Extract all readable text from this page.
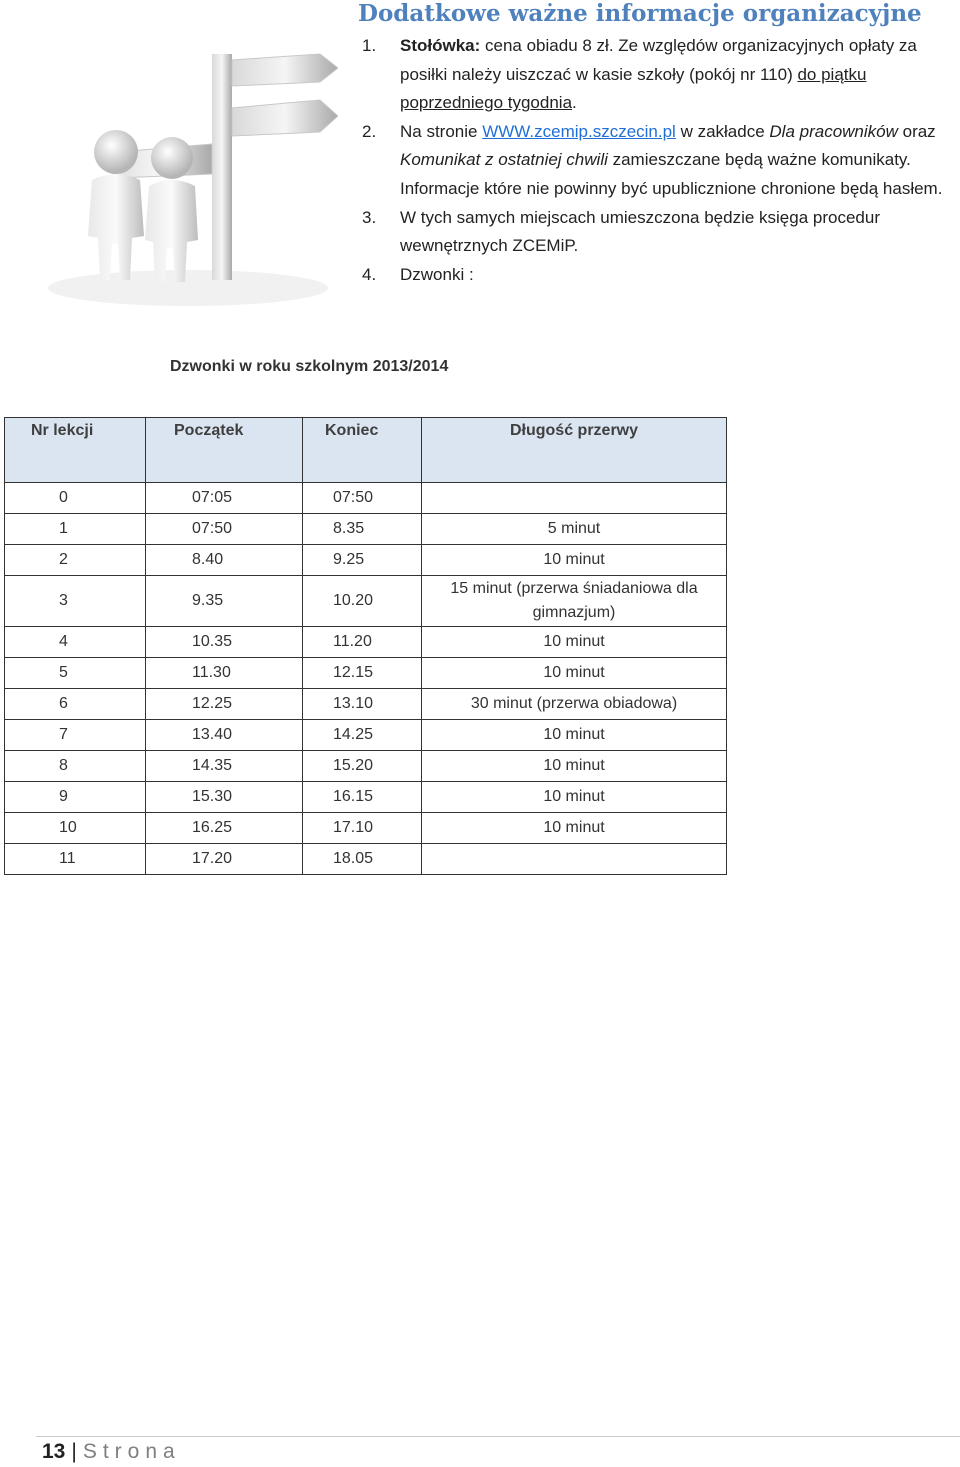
Dodatkowe ważne informacje organizacyjne
1. Stołówka: cena obiadu 8 zł. Ze względów organizacyjnych opłaty za posiłki należy uiszczać w kasie szkoły (pokój nr 110) do piątku poprzedniego tygodnia.
2. Na stronie WWW.zcemip.szczecin.pl w zakładce Dla pracowników oraz Komunikat z ostatniej chwili zamieszczane będą ważne komunikaty. Informacje które nie powinny być upublicznione chronione będą hasłem.
3. W tych samych miejscach umieszczona będzie księga procedur wewnętrznych ZCEMiP.
4. Dzwonki :
Dzwonki w roku szkolnym 2013/2014
Nr lekcji	Początek	Koniec	Długość przerwy
0	07:05	07:50	
1	07:50	8.35	5 minut
2	8.40	9.25	10 minut
3	9.35	10.20	15 minut (przerwa śniadaniowa dla gimnazjum)
4	10.35	11.20	10 minut
5	11.30	12.15	10 minut
6	12.25	13.10	30 minut (przerwa obiadowa)
7	13.40	14.25	10 minut
8	14.35	15.20	10 minut
9	15.30	16.15	10 minut
10	16.25	17.10	10 minut
11	17.20	18.05	
13 | Strona
